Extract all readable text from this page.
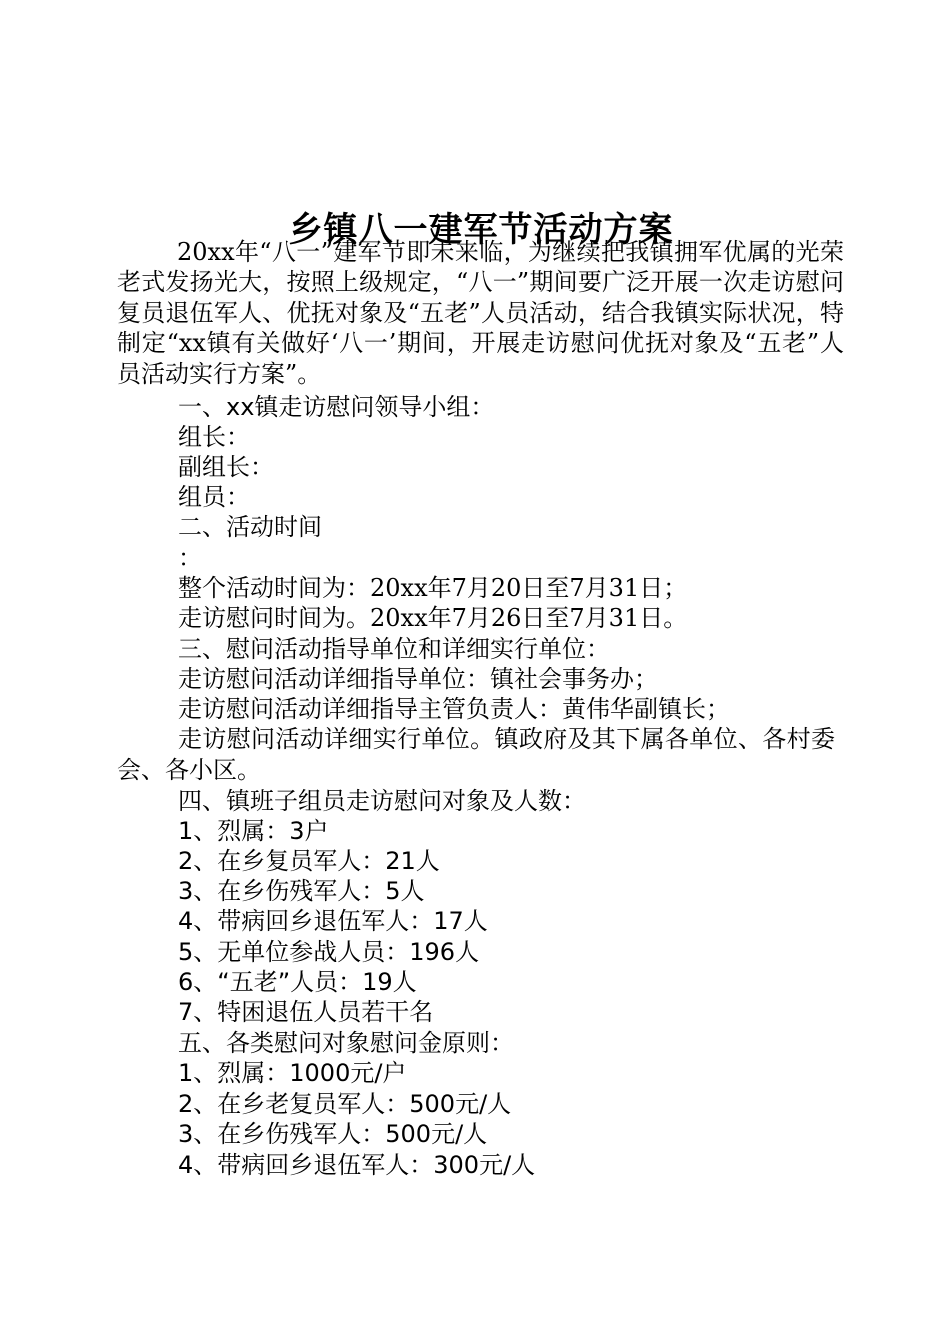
乡镇八一建军节活动方案

20xx年“八一”建军节即未来临，为继续把我镇拥军优属的光荣老式发扬光大，按照上级规定，“八一”期间要广泛开展一次走访慰问复员退伍军人、优抚对象及“五老”人员活动，结合我镇实际状况，特制定“xx镇有关做好‘八一’期间，开展走访慰问优抚对象及“五老”人员活动实行方案”。

一、xx镇走访慰问领导小组：

组长：

副组长：

组员：

二、活动时间

：

整个活动时间为：20xx年7月20日至7月31日；

走访慰问时间为。20xx年7月26日至7月31日。

三、慰问活动指导单位和详细实行单位：

走访慰问活动详细指导单位：镇社会事务办；

走访慰问活动详细指导主管负责人：黄伟华副镇长；

走访慰问活动详细实行单位。镇政府及其下属各单位、各村委会、各小区。

四、镇班子组员走访慰问对象及人数：

1、烈属：3户

2、在乡复员军人：21人

3、在乡伤残军人：5人

4、带病回乡退伍军人：17人

5、无单位参战人员：196人

6、“五老”人员：19人

7、特困退伍人员若干名

五、各类慰问对象慰问金原则：

1、烈属：1000元/户

2、在乡老复员军人：500元/人

3、在乡伤残军人：500元/人

4、带病回乡退伍军人：300元/人
